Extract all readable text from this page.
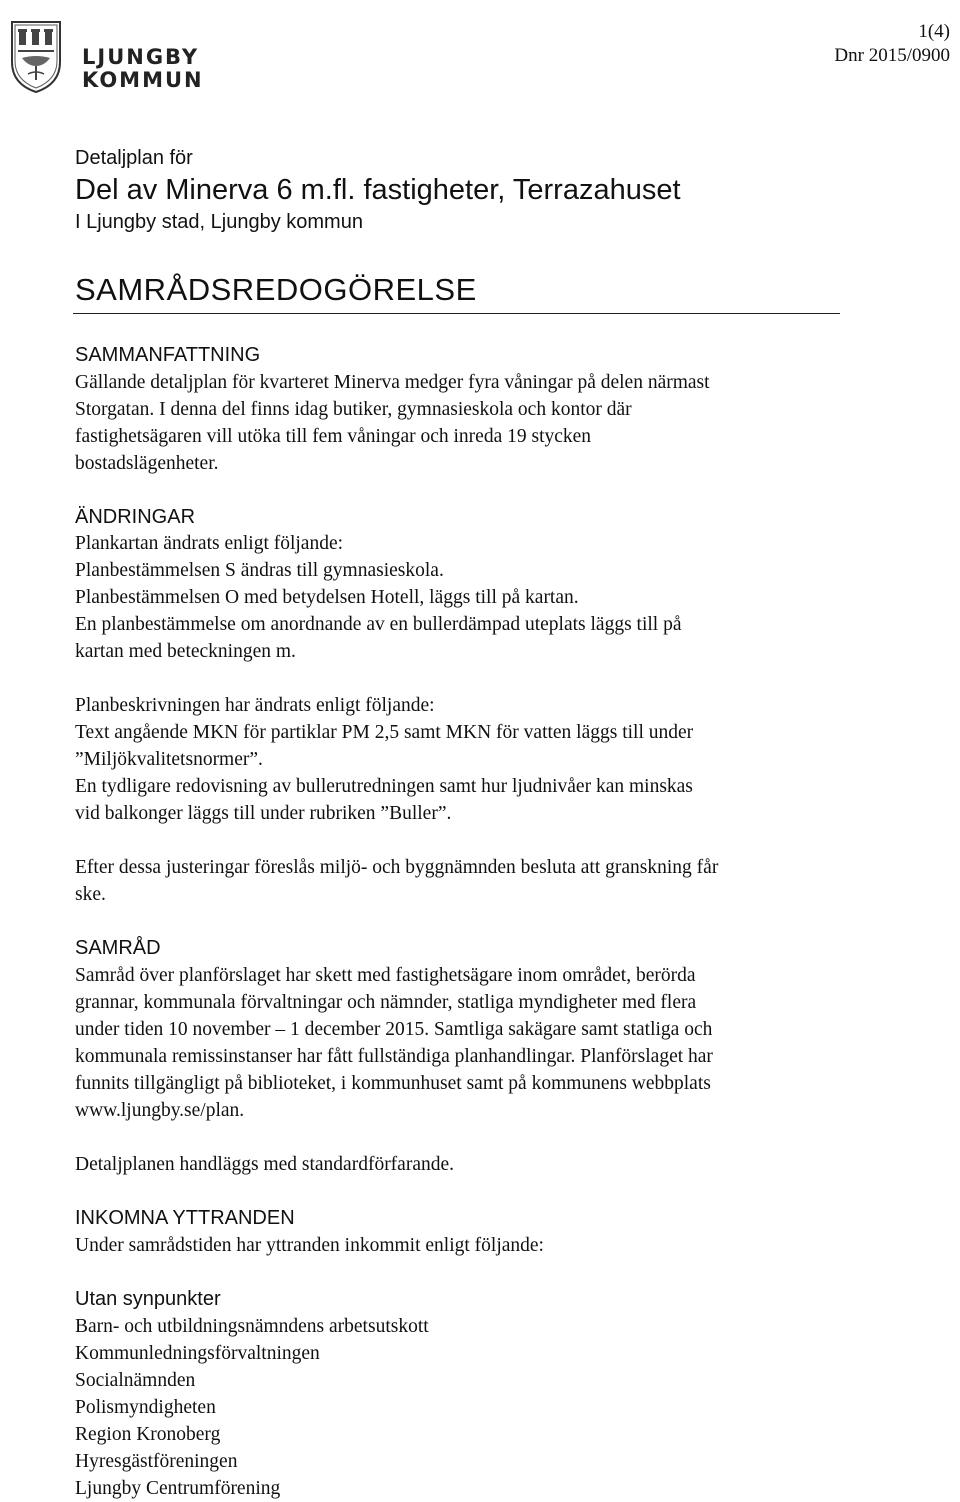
LJUNGBY
KOMMUN
1(4)
Dnr 2015/0900
Detaljplan för
Del av Minerva 6 m.fl. fastigheter, Terrazahuset
I Ljungby stad, Ljungby kommun
SAMRÅDSREDOGÖRELSE
SAMMANFATTNING
Gällande detaljplan för kvarteret Minerva medger fyra våningar på delen närmast
Storgatan. I denna del finns idag butiker, gymnasieskola och kontor där
fastighetsägaren vill utöka till fem våningar och inreda 19 stycken
bostadslägenheter.
ÄNDRINGAR
Plankartan ändrats enligt följande:
Planbestämmelsen S ändras till gymnasieskola.
Planbestämmelsen O med betydelsen Hotell, läggs till på kartan.
En planbestämmelse om anordnande av en bullerdämpad uteplats läggs till på
kartan med beteckningen m.
Planbeskrivningen har ändrats enligt följande:
Text angående MKN för partiklar PM 2,5 samt MKN för vatten läggs till under
”Miljökvalitetsnormer”.
En tydligare redovisning av bullerutredningen samt hur ljudnivåer kan minskas
vid balkonger läggs till under rubriken ”Buller”.
Efter dessa justeringar föreslås miljö- och byggnämnden besluta att granskning får
ske.
SAMRÅD
Samråd över planförslaget har skett med fastighetsägare inom området, berörda
grannar, kommunala förvaltningar och nämnder, statliga myndigheter med flera
under tiden 10 november – 1 december 2015. Samtliga sakägare samt statliga och
kommunala remissinstanser har fått fullständiga planhandlingar. Planförslaget har
funnits tillgängligt på biblioteket, i kommunhuset samt på kommunens webbplats
www.ljungby.se/plan.
Detaljplanen handläggs med standardförfarande.
INKOMNA YTTRANDEN
Under samrådstiden har yttranden inkommit enligt följande:
Utan synpunkter
Barn- och utbildningsnämndens arbetsutskott
Kommunledningsförvaltningen
Socialnämnden
Polismyndigheten
Region Kronoberg
Hyresgästföreningen
Ljungby Centrumförening
